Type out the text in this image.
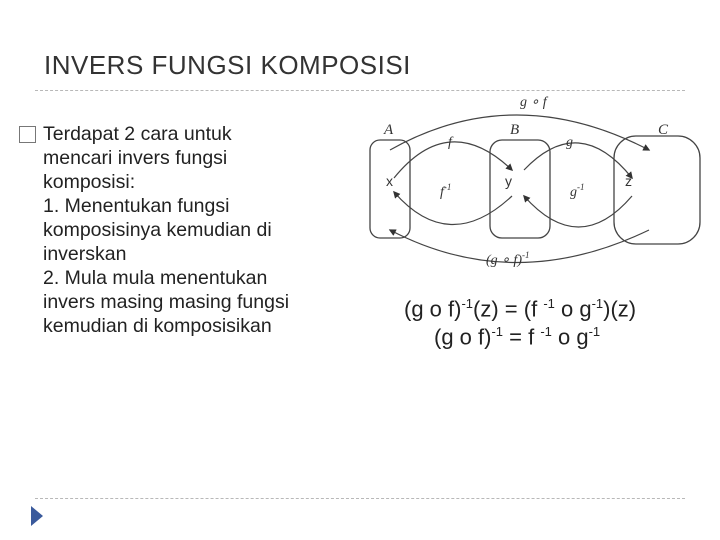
INVERS FUNGSI KOMPOSISI
Terdapat 2 cara untuk
mencari invers fungsi
komposisi:
1. Menentukan fungsi
komposisinya kemudian di
inverskan
2. Mula mula menentukan
invers masing masing fungsi
kemudian di komposisikan
A	B	C
x	y	z
g ∘ f
f	g
$f^{-1}$	$g^{-1}$
(g ∘ f)$^{-1}$
(g o f)$^{-1}$(z) = (f $^{-1}$ o $g^{-1})(z)$
(g o f)$^{-1}$ = f $^{-1}$ o $g^{-1}$
